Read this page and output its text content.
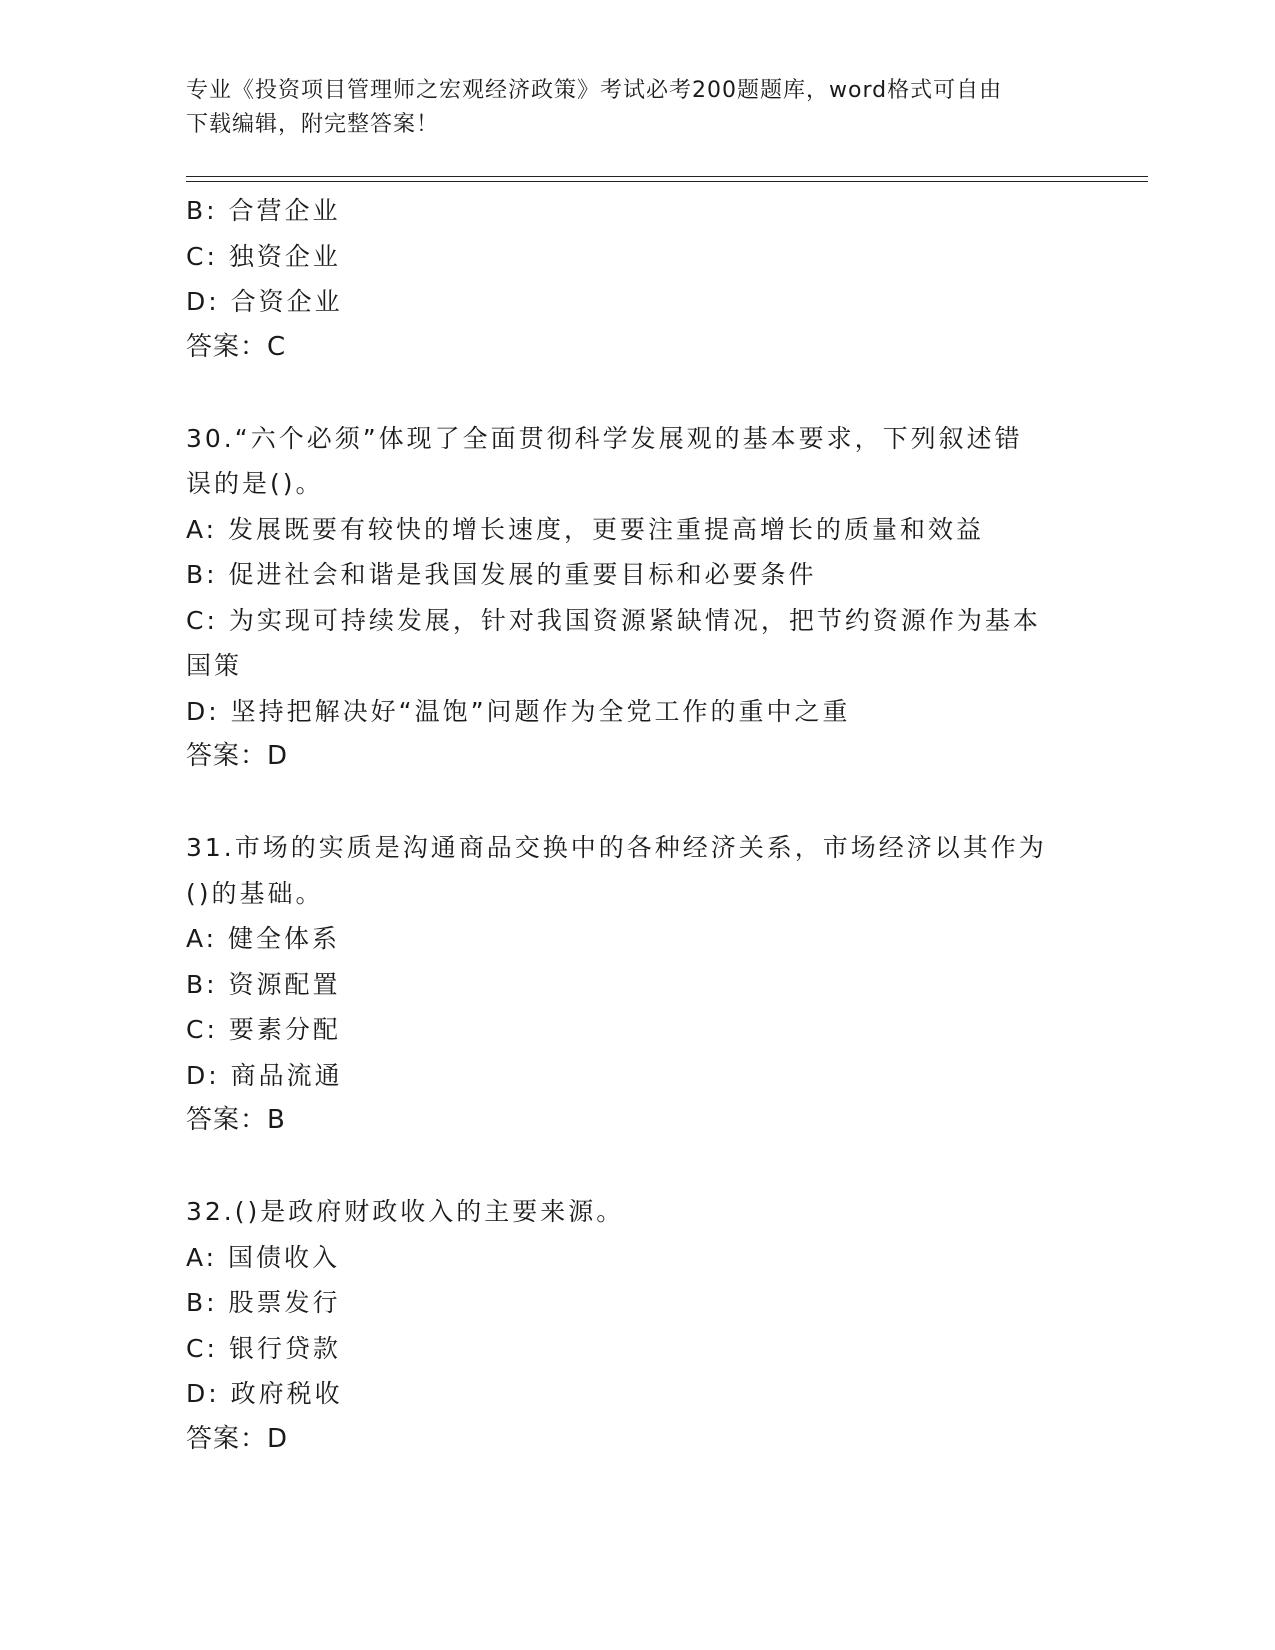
专业《投资项目管理师之宏观经济政策》考试必考200题题库，word格式可自由
下载编辑，附完整答案！
B: 合营企业
C: 独资企业
D: 合资企业
答案：C
30.“六个必须”体现了全面贯彻科学发展观的基本要求，下列叙述错
误的是()。
A: 发展既要有较快的增长速度，更要注重提高增长的质量和效益
B: 促进社会和谐是我国发展的重要目标和必要条件
C: 为实现可持续发展，针对我国资源紧缺情况，把节约资源作为基本
国策
D: 坚持把解决好“温饱”问题作为全党工作的重中之重
答案：D
31.市场的实质是沟通商品交换中的各种经济关系，市场经济以其作为
()的基础。
A: 健全体系
B: 资源配置
C: 要素分配
D: 商品流通
答案：B
32.()是政府财政收入的主要来源。
A: 国债收入
B: 股票发行
C: 银行贷款
D: 政府税收
答案：D
